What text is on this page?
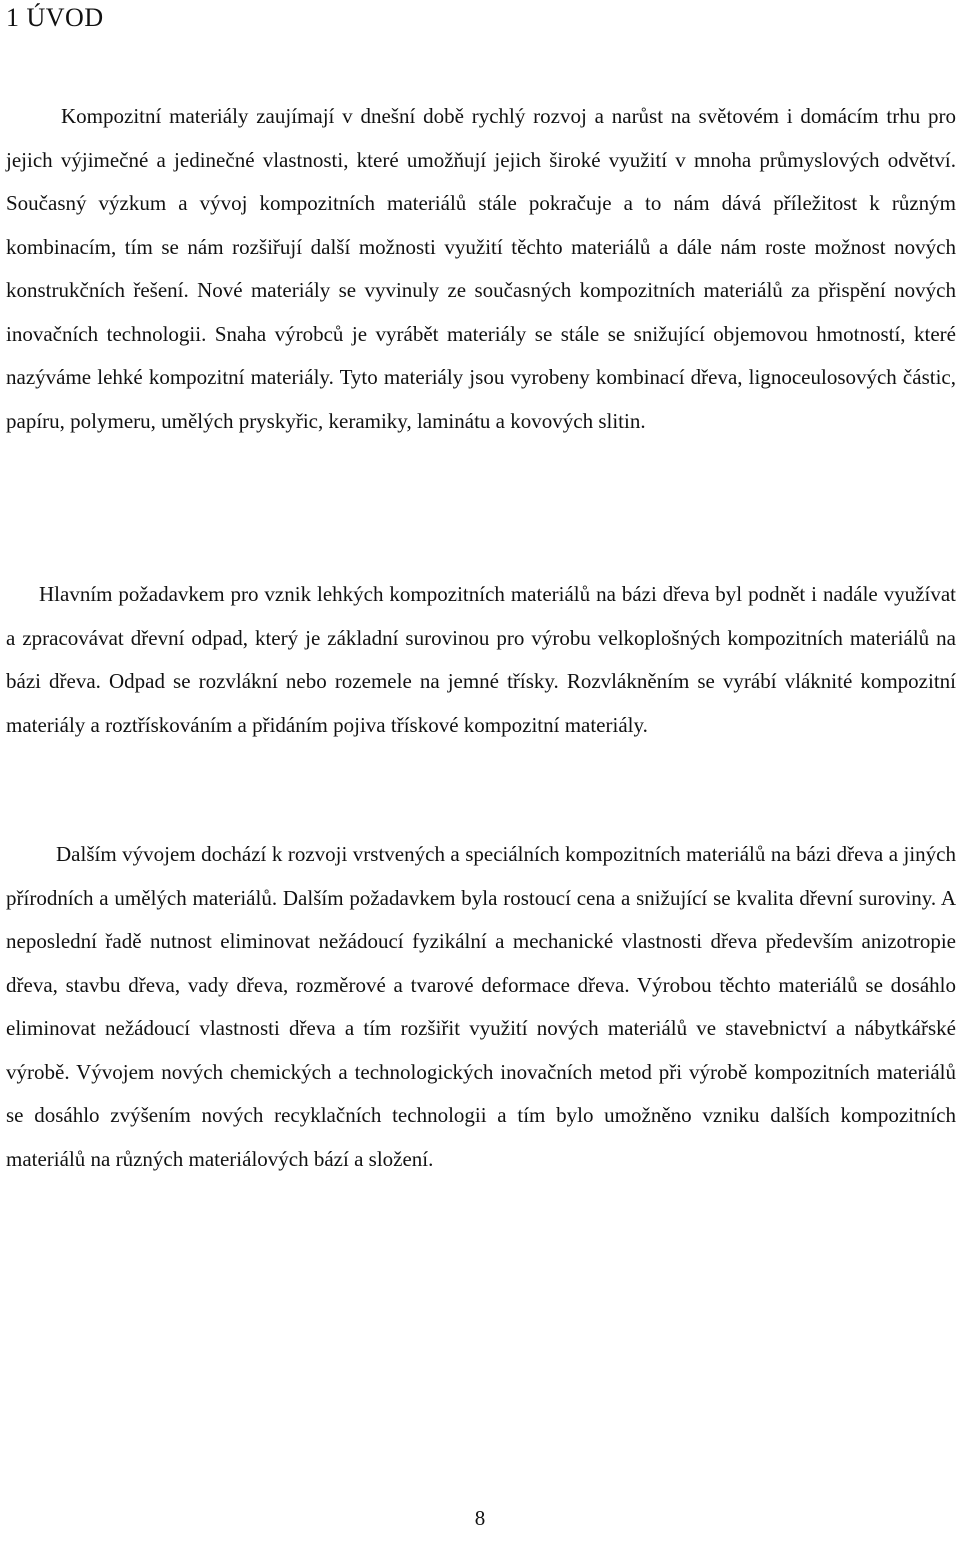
1 ÚVOD

Kompozitní materiály zaujímají v dnešní době rychlý rozvoj a narůst na světovém i domácím trhu pro jejich výjimečné a jedinečné vlastnosti, které umožňují jejich široké využití v mnoha průmyslových odvětví. Současný výzkum a vývoj kompozitních materiálů stále pokračuje a to nám dává příležitost k různým kombinacím, tím se nám rozšiřují další možnosti využití těchto materiálů a dále nám roste možnost nových konstrukčních řešení. Nové materiály se vyvinuly ze současných kompozitních materiálů za přispění nových inovačních technologii. Snaha výrobců je vyrábět materiály se stále se snižující objemovou hmotností, které nazýváme lehké kompozitní materiály. Tyto materiály jsou vyrobeny kombinací dřeva, lignoceulosových částic, papíru, polymeru, umělých pryskyřic, keramiky, laminátu a kovových slitin.

Hlavním požadavkem pro vznik lehkých kompozitních materiálů na bázi dřeva byl podnět i nadále využívat a zpracovávat dřevní odpad, který je základní surovinou pro výrobu velkoplošných kompozitních materiálů na bázi dřeva. Odpad se rozvlákní nebo rozemele na jemné třísky. Rozvlákněním se vyrábí vláknité kompozitní materiály a roztřískováním a přidáním pojiva třískové kompozitní materiály.

Dalším vývojem dochází k rozvoji vrstvených a speciálních kompozitních materiálů na bázi dřeva a jiných přírodních a umělých materiálů. Dalším požadavkem byla rostoucí cena a snižující se kvalita dřevní suroviny. A neposlední řadě nutnost eliminovat nežádoucí fyzikální a mechanické vlastnosti dřeva především anizotropie dřeva, stavbu dřeva, vady dřeva, rozměrové a tvarové deformace dřeva. Výrobou těchto materiálů se dosáhlo eliminovat nežádoucí vlastnosti dřeva a tím rozšiřit využití nových materiálů ve stavebnictví a nábytkářské výrobě. Vývojem nových chemických a technologických inovačních metod při výrobě kompozitních materiálů se dosáhlo zvýšením nových recyklačních technologii a tím bylo umožněno vzniku dalších kompozitních materiálů na různých materiálových bází a složení.

8
